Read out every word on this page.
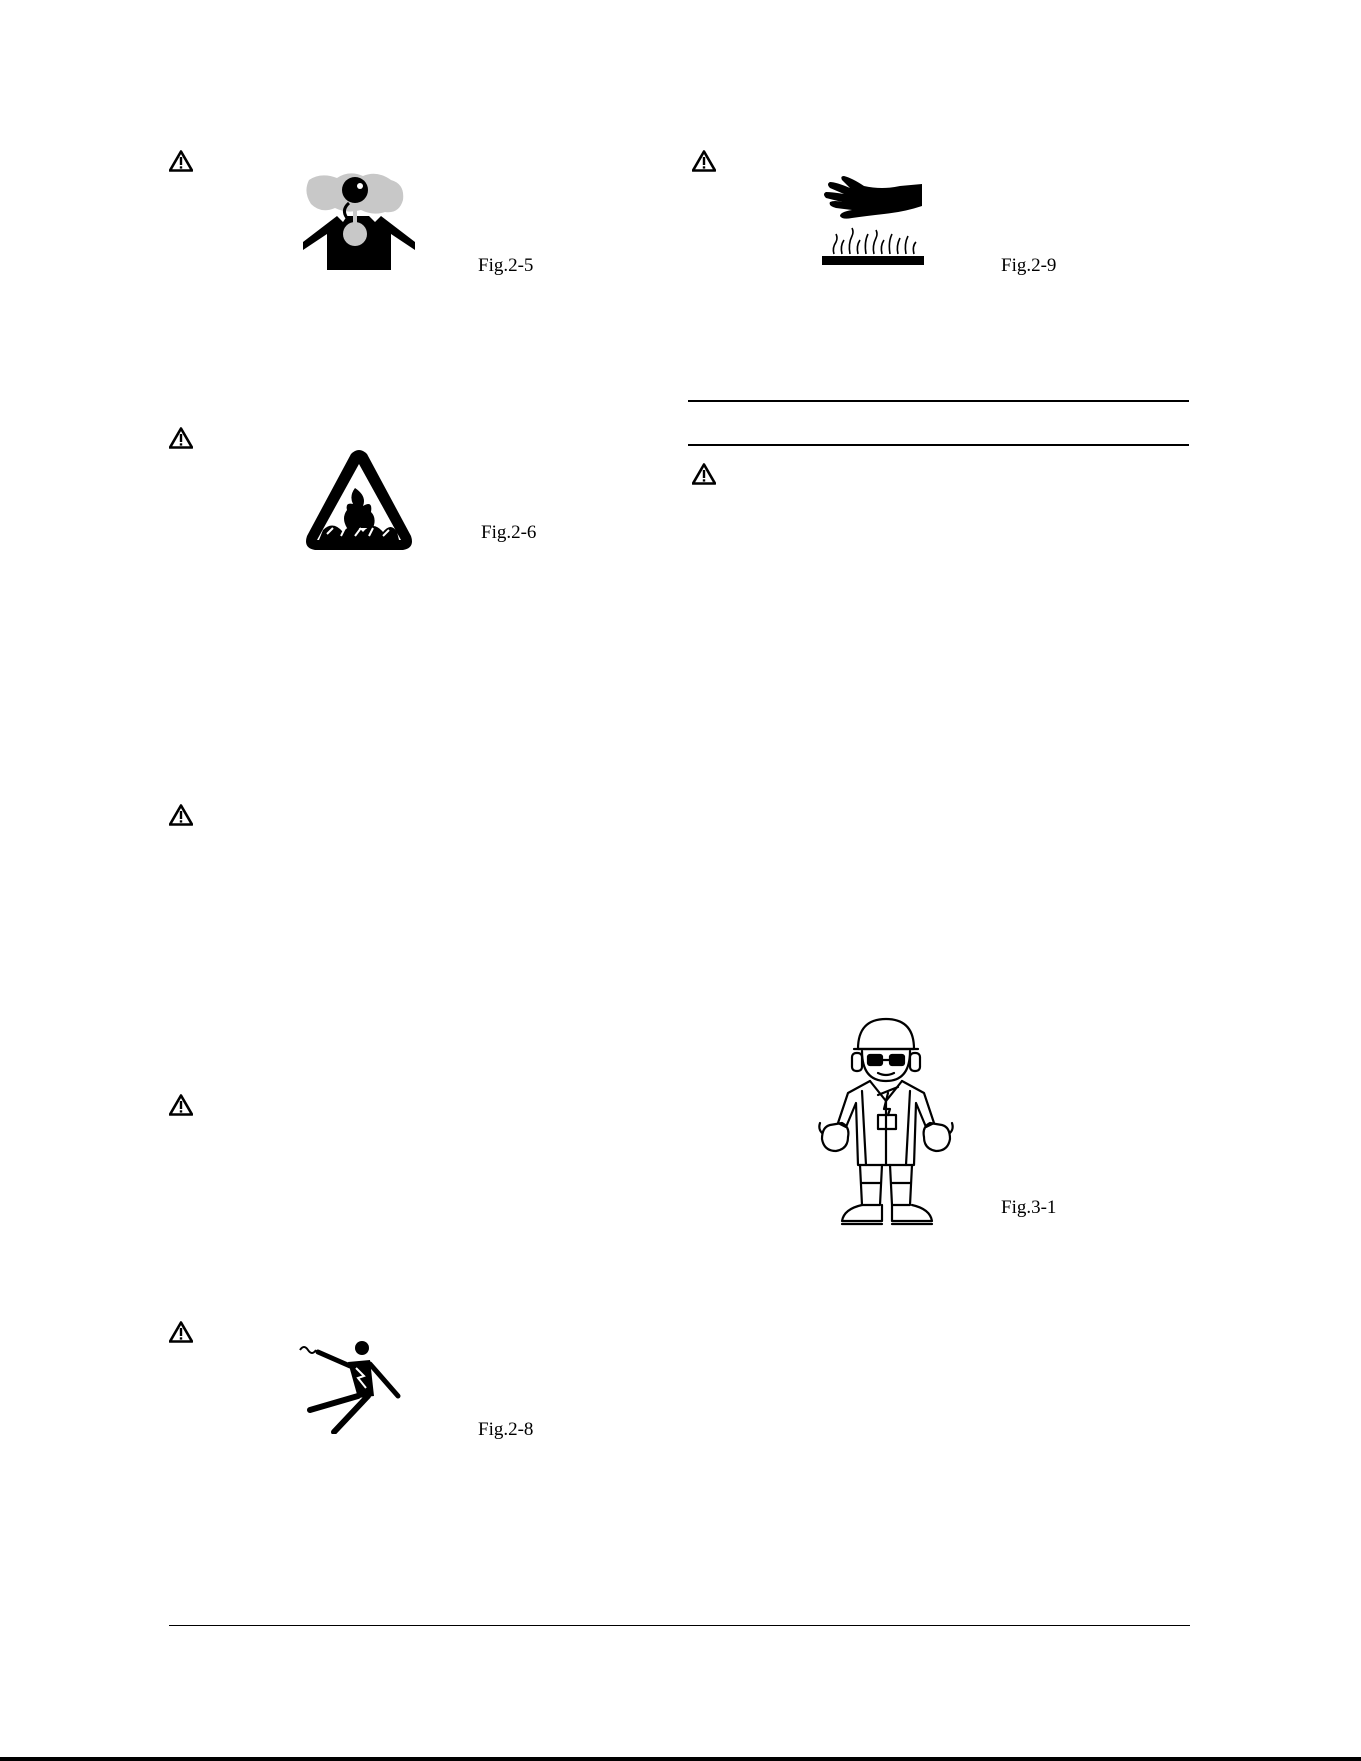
Fig.2-5
Fig.2-6
Fig.2-8
Fig.2-9
Fig.3-1
